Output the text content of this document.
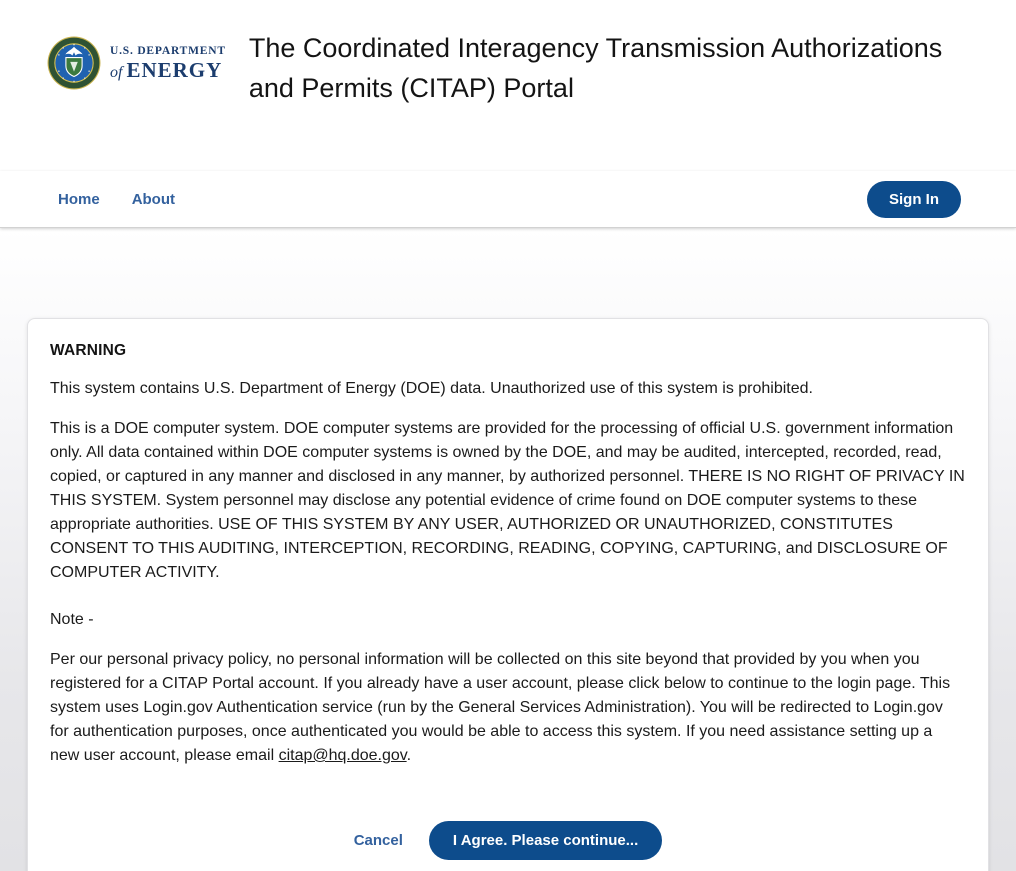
U.S. DEPARTMENT
of ENERGY
The Coordinated Interagency Transmission Authorizations
and Permits (CITAP) Portal
Home About	Sign In
WARNING

This system contains U.S. Department of Energy (DOE) data. Unauthorized use of this system is prohibited.

This is a DOE computer system. DOE computer systems are provided for the processing of official U.S. government information only. All data contained within DOE computer systems is owned by the DOE, and may be audited, intercepted, recorded, read, copied, or captured in any manner and disclosed in any manner, by authorized personnel. THERE IS NO RIGHT OF PRIVACY IN THIS SYSTEM. System personnel may disclose any potential evidence of crime found on DOE computer systems to these appropriate authorities. USE OF THIS SYSTEM BY ANY USER, AUTHORIZED OR UNAUTHORIZED, CONSTITUTES CONSENT TO THIS AUDITING, INTERCEPTION, RECORDING, READING, COPYING, CAPTURING, and DISCLOSURE OF COMPUTER ACTIVITY.

Note -

Per our personal privacy policy, no personal information will be collected on this site beyond that provided by you when you registered for a CITAP Portal account. If you already have a user account, please click below to continue to the login page. This system uses Login.gov Authentication service (run by the General Services Administration). You will be redirected to Login.gov for authentication purposes, once authenticated you would be able to access this system. If you need assistance setting up a new user account, please email citap@hq.doe.gov.

Cancel	I Agree. Please continue...
